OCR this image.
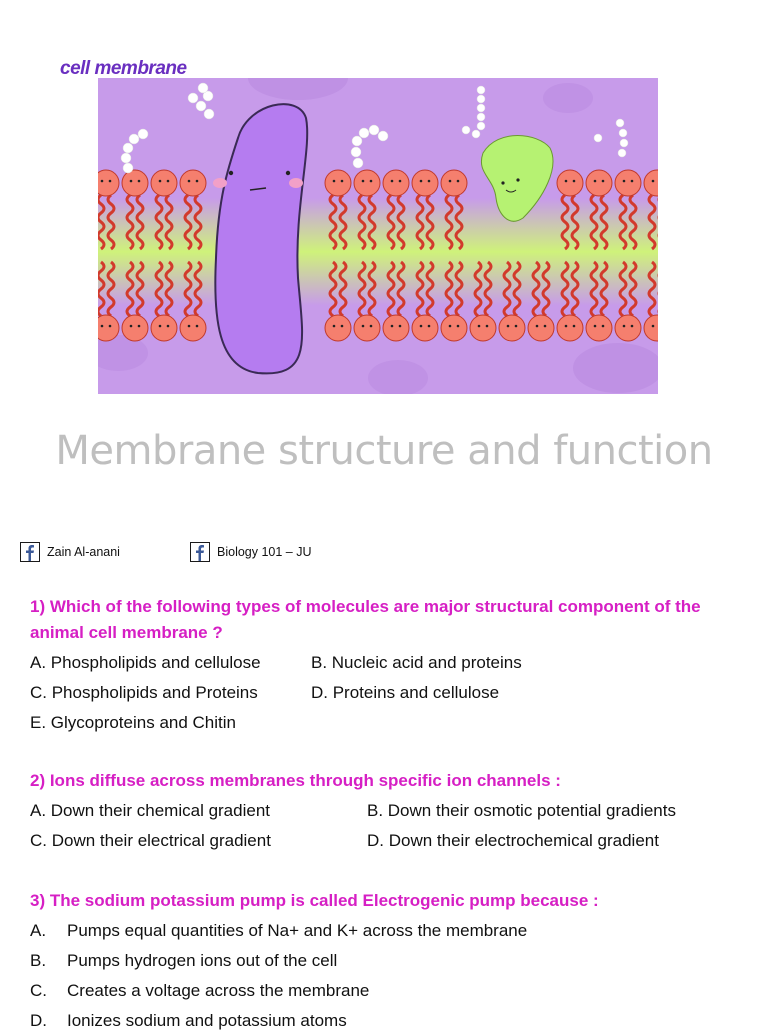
cell membrane
Membrane structure and function
Zain Al-anani	Biology 101 – JU
1) Which of the following types of molecules are major structural component of the animal cell membrane ?
A. Phospholipids and cellulose	B. Nucleic acid and proteins
C. Phospholipids and Proteins	D. Proteins and cellulose
E. Glycoproteins and Chitin
2) Ions diffuse across membranes through specific ion channels :
A. Down their chemical gradient	B. Down their osmotic potential gradients
C. Down their electrical gradient	D. Down their electrochemical gradient
3) The sodium potassium pump is called Electrogenic pump because :
A. Pumps equal quantities of Na+ and K+ across the membrane
B. Pumps hydrogen ions out of the cell
C. Creates a voltage across the membrane
D. Ionizes sodium and potassium atoms
